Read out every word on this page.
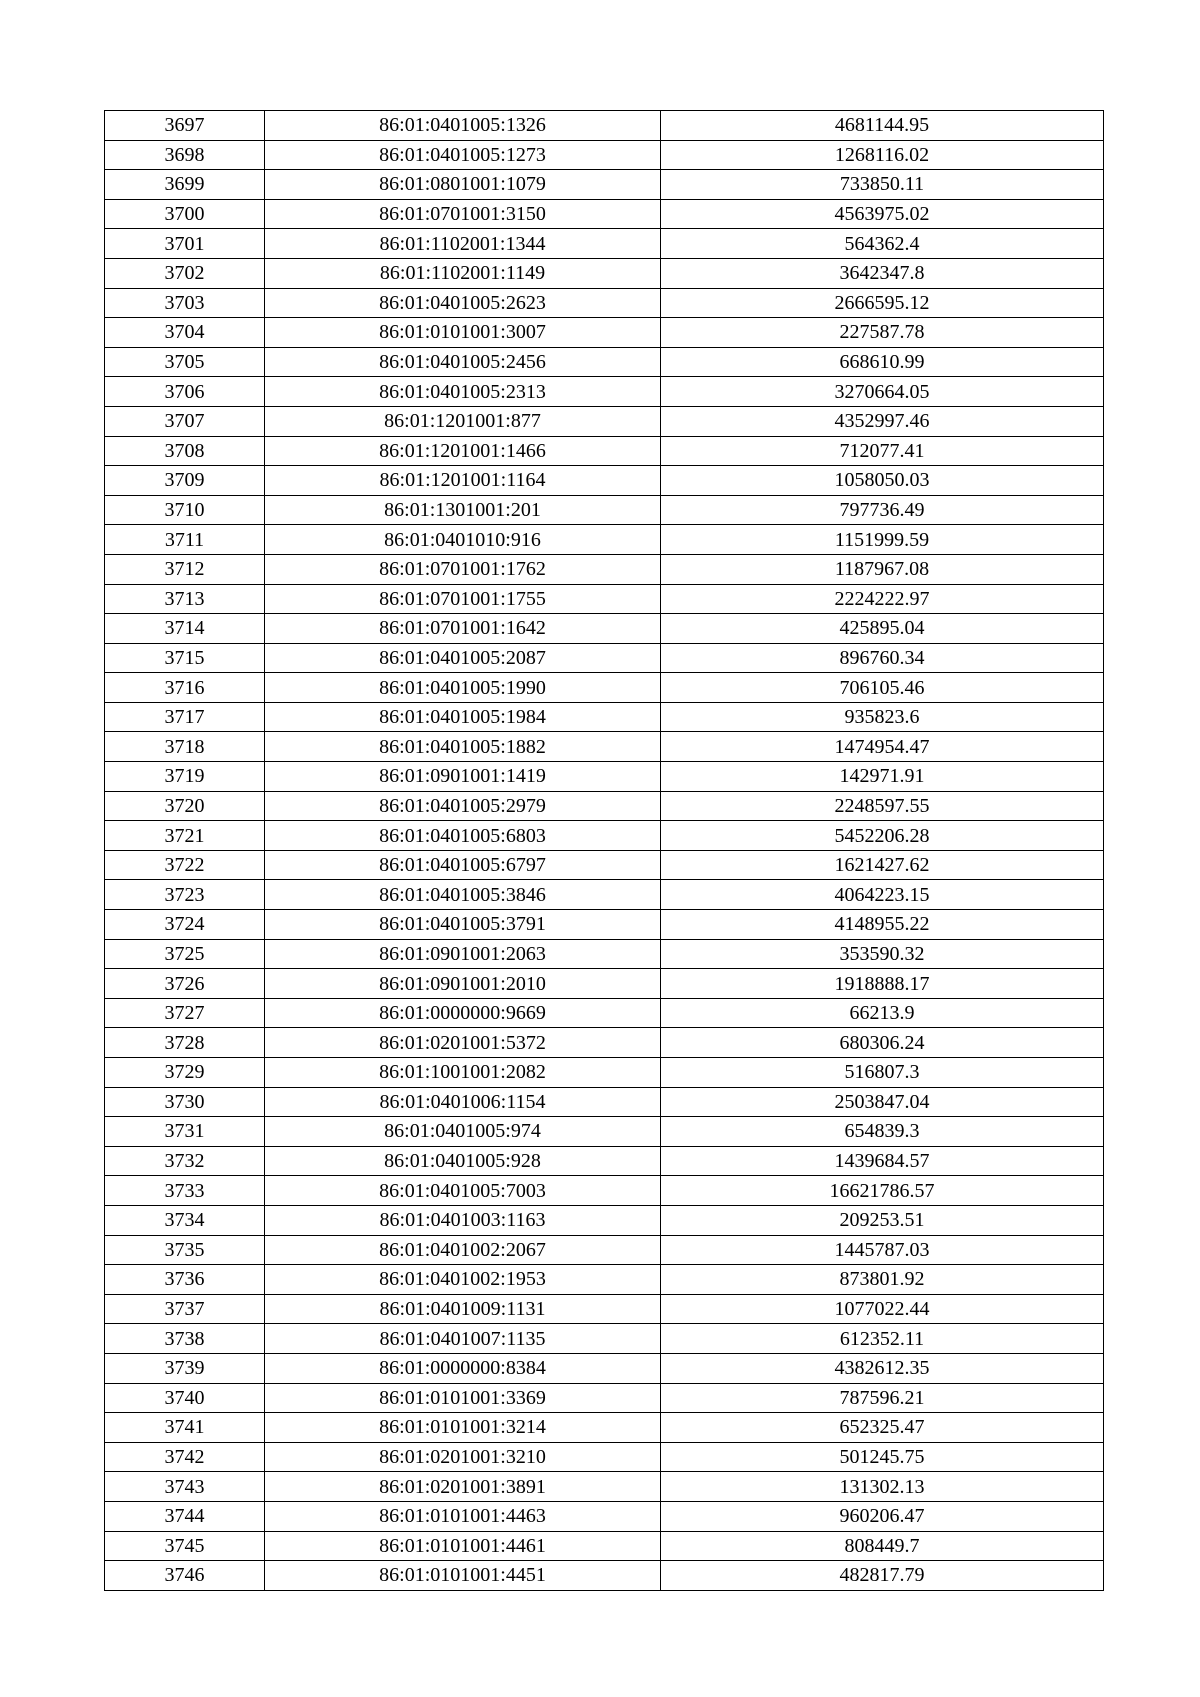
3697	86:01:0401005:1326	4681144.95
3698	86:01:0401005:1273	1268116.02
3699	86:01:0801001:1079	733850.11
3700	86:01:0701001:3150	4563975.02
3701	86:01:1102001:1344	564362.4
3702	86:01:1102001:1149	3642347.8
3703	86:01:0401005:2623	2666595.12
3704	86:01:0101001:3007	227587.78
3705	86:01:0401005:2456	668610.99
3706	86:01:0401005:2313	3270664.05
3707	86:01:1201001:877	4352997.46
3708	86:01:1201001:1466	712077.41
3709	86:01:1201001:1164	1058050.03
3710	86:01:1301001:201	797736.49
3711	86:01:0401010:916	1151999.59
3712	86:01:0701001:1762	1187967.08
3713	86:01:0701001:1755	2224222.97
3714	86:01:0701001:1642	425895.04
3715	86:01:0401005:2087	896760.34
3716	86:01:0401005:1990	706105.46
3717	86:01:0401005:1984	935823.6
3718	86:01:0401005:1882	1474954.47
3719	86:01:0901001:1419	142971.91
3720	86:01:0401005:2979	2248597.55
3721	86:01:0401005:6803	5452206.28
3722	86:01:0401005:6797	1621427.62
3723	86:01:0401005:3846	4064223.15
3724	86:01:0401005:3791	4148955.22
3725	86:01:0901001:2063	353590.32
3726	86:01:0901001:2010	1918888.17
3727	86:01:0000000:9669	66213.9
3728	86:01:0201001:5372	680306.24
3729	86:01:1001001:2082	516807.3
3730	86:01:0401006:1154	2503847.04
3731	86:01:0401005:974	654839.3
3732	86:01:0401005:928	1439684.57
3733	86:01:0401005:7003	16621786.57
3734	86:01:0401003:1163	209253.51
3735	86:01:0401002:2067	1445787.03
3736	86:01:0401002:1953	873801.92
3737	86:01:0401009:1131	1077022.44
3738	86:01:0401007:1135	612352.11
3739	86:01:0000000:8384	4382612.35
3740	86:01:0101001:3369	787596.21
3741	86:01:0101001:3214	652325.47
3742	86:01:0201001:3210	501245.75
3743	86:01:0201001:3891	131302.13
3744	86:01:0101001:4463	960206.47
3745	86:01:0101001:4461	808449.7
3746	86:01:0101001:4451	482817.79
